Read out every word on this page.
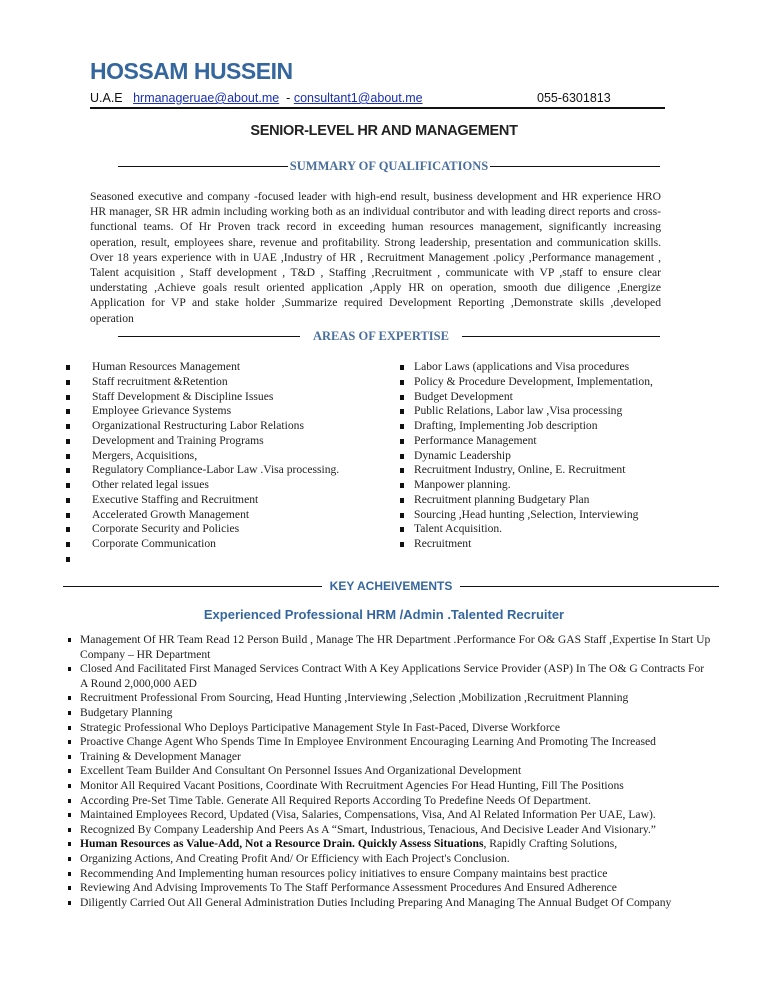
HOSSAM HUSSEIN
U.A.E hrmanageruae@about.me - consultant1@about.me	055-6301813
SENIOR-LEVEL HR AND MANAGEMENT
SUMMARY OF QUALIFICATIONS
Seasoned executive and company -focused leader with high-end result, business development and HR experience HRO HR manager, SR HR admin including working both as an individual contributor and with leading direct reports and cross-functional teams. Of Hr Proven track record in exceeding human resources management, significantly increasing operation, result, employees share, revenue and profitability. Strong leadership, presentation and communication skills. Over 18 years experience with in UAE ,Industry of HR , Recruitment Management .policy ,Performance management , Talent acquisition , Staff development , T&D , Staffing ,Recruitment , communicate with VP ,staff to ensure clear understating ,Achieve goals result oriented application ,Apply HR on operation, smooth due diligence ,Energize Application for VP and stake holder ,Summarize required Development Reporting ,Demonstrate skills ,developed operation
AREAS OF EXPERTISE
Human Resources Management
Staff recruitment &Retention
Staff Development & Discipline Issues
Employee Grievance Systems
Organizational Restructuring Labor Relations
Development and Training Programs
Mergers, Acquisitions,
Regulatory Compliance-Labor Law .Visa processing.
Other related legal issues
Executive Staffing and Recruitment
Accelerated Growth Management
Corporate Security and Policies
Corporate Communication
Labor Laws (applications and Visa procedures
Policy & Procedure Development, Implementation,
Budget Development
Public Relations, Labor law ,Visa processing
Drafting, Implementing Job description
Performance Management
Dynamic Leadership
Recruitment Industry, Online, E. Recruitment
Manpower planning.
Recruitment planning Budgetary Plan
Sourcing ,Head hunting ,Selection, Interviewing
Talent Acquisition.
Recruitment
KEY ACHEIVEMENTS
Experienced Professional HRM /Admin .Talented Recruiter
Management Of HR Team Read 12 Person Build , Manage The HR Department .Performance For O& GAS Staff ,Expertise In Start Up Company – HR Department
Closed And Facilitated First Managed Services Contract With A Key Applications Service Provider (ASP) In The O& G Contracts For A Round 2,000,000 AED
Recruitment Professional From Sourcing, Head Hunting ,Interviewing ,Selection ,Mobilization ,Recruitment Planning
Budgetary Planning
Strategic Professional Who Deploys Participative Management Style In Fast-Paced, Diverse Workforce
Proactive Change Agent Who Spends Time In Employee Environment Encouraging Learning And Promoting The Increased
Training & Development Manager
Excellent Team Builder And Consultant On Personnel Issues And Organizational Development
Monitor All Required Vacant Positions, Coordinate With Recruitment Agencies For Head Hunting, Fill The Positions
According Pre-Set Time Table. Generate All Required Reports According To Predefine Needs Of Department.
Maintained Employees Record, Updated (Visa, Salaries, Compensations, Visa, And Al Related Information Per UAE, Law).
Recognized By Company Leadership And Peers As A “Smart, Industrious, Tenacious, And Decisive Leader And Visionary.”
Human Resources as Value-Add, Not a Resource Drain. Quickly Assess Situations, Rapidly Crafting Solutions,
Organizing Actions, And Creating Profit And/ Or Efficiency with Each Project's Conclusion.
Recommending And Implementing human resources policy initiatives to ensure Company maintains best practice
Reviewing And Advising Improvements To The Staff Performance Assessment Procedures And Ensured Adherence
Diligently Carried Out All General Administration Duties Including Preparing And Managing The Annual Budget Of Company
